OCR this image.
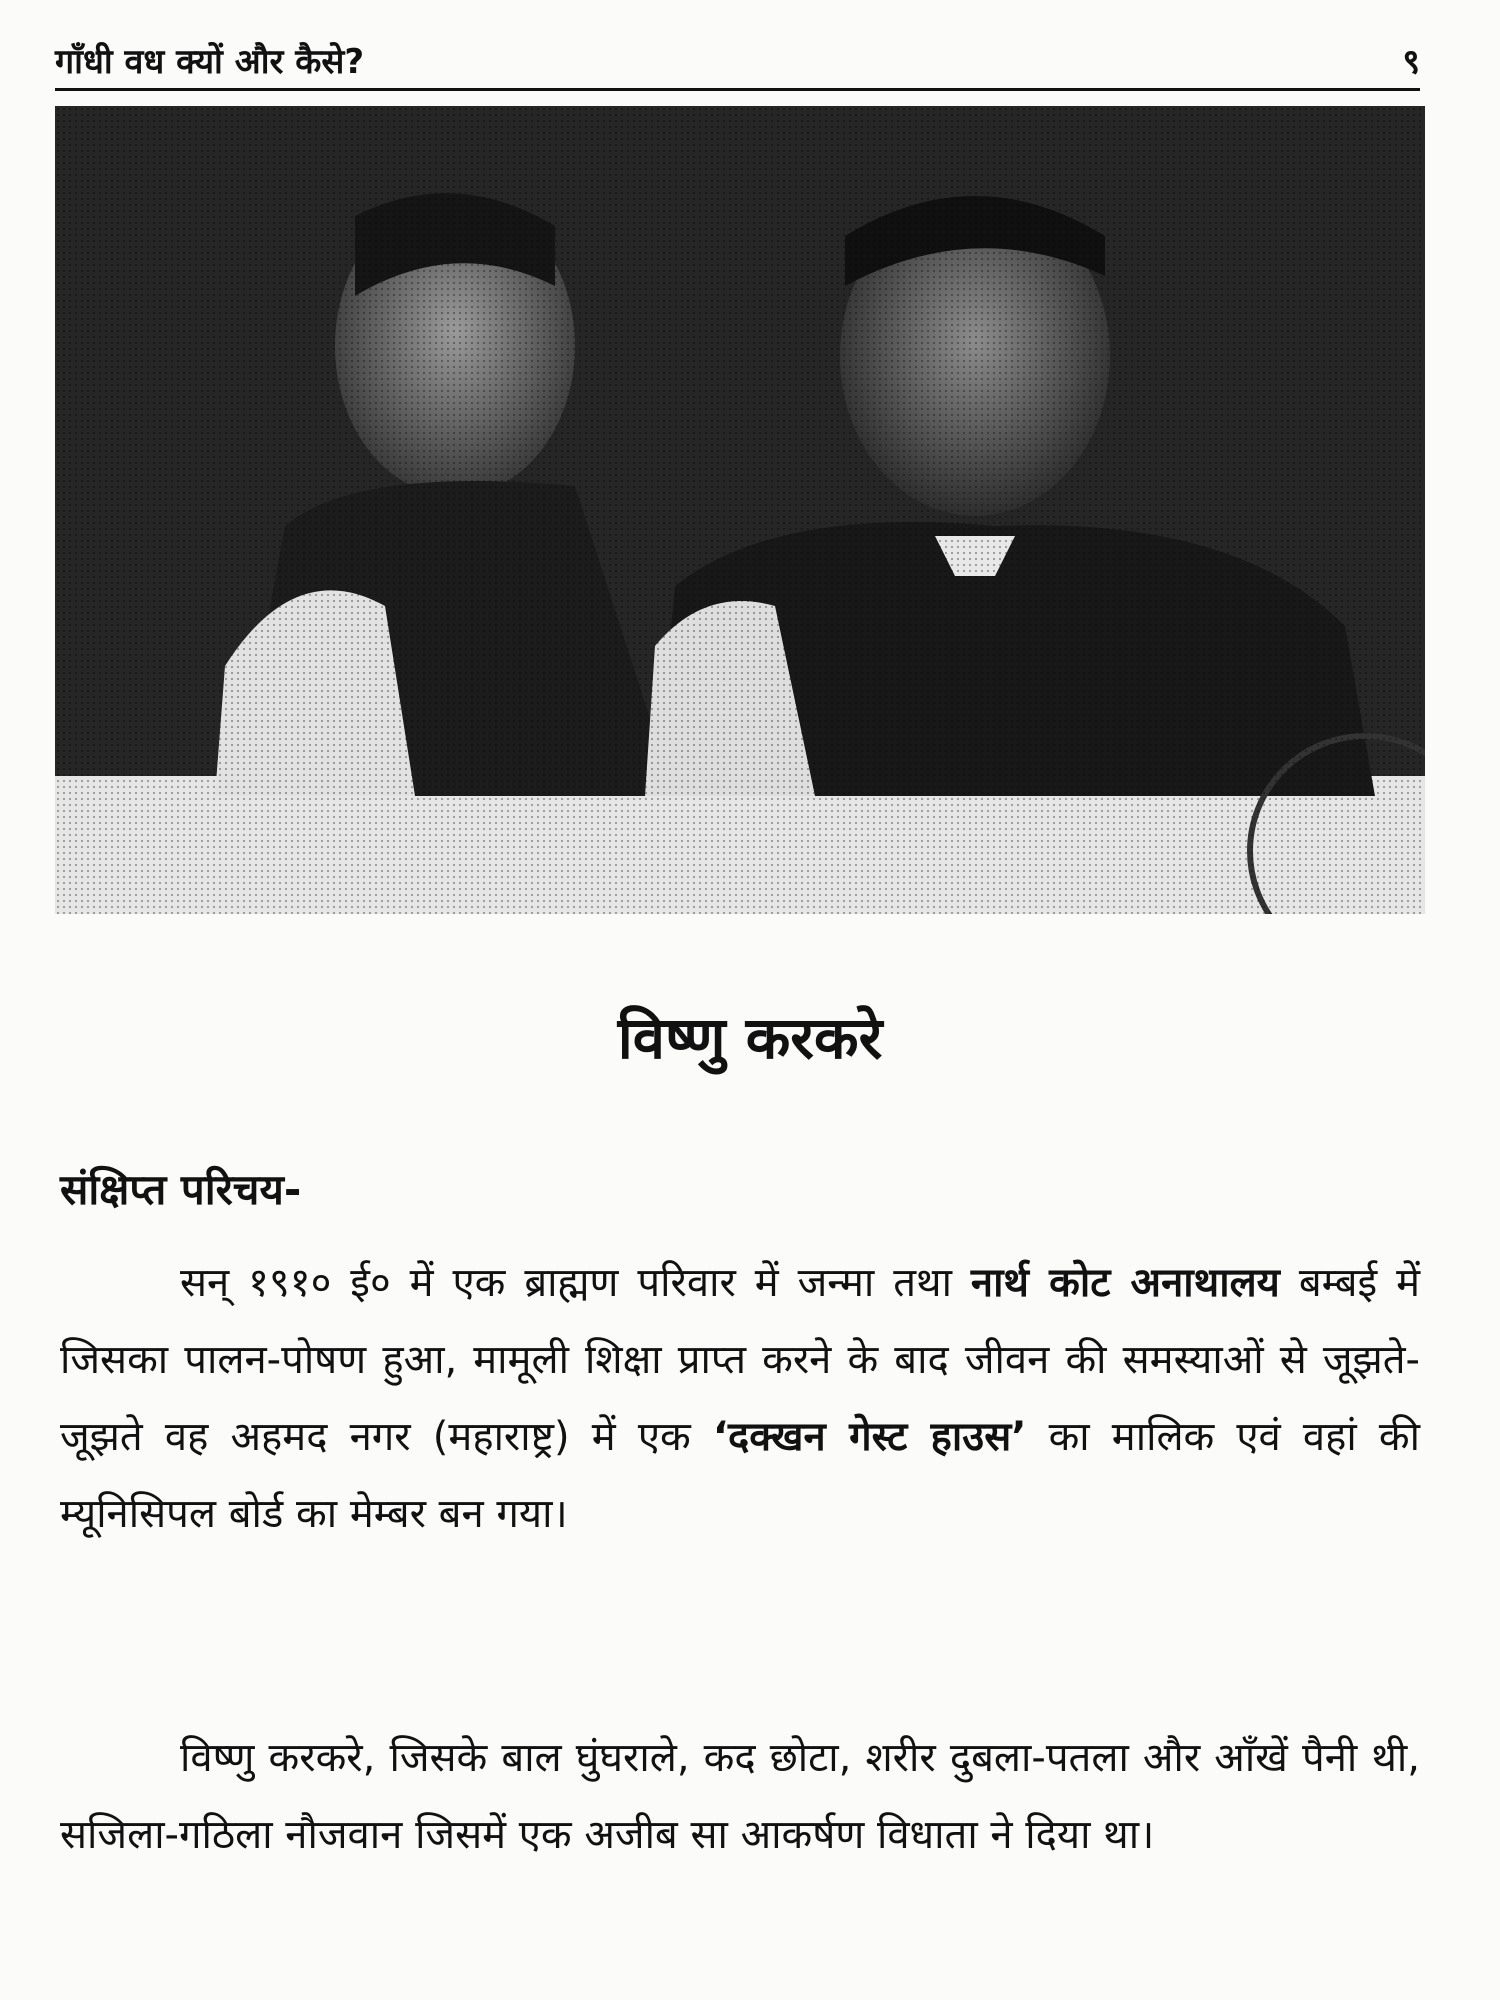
गाँधी वध क्यों और कैसे?	९
विष्णु करकरे
संक्षिप्त परिचय-

सन् १९१० ई० में एक ब्राह्मण परिवार में जन्मा तथा नार्थ कोट अनाथालय बम्बई में जिसका पालन-पोषण हुआ, मामूली शिक्षा प्राप्त करने के बाद जीवन की समस्याओं से जूझते-जूझते वह अहमद नगर (महाराष्ट्र) में एक ‘दक्खन गेस्ट हाउस’ का मालिक एवं वहां की म्यूनिसिपल बोर्ड का मेम्बर बन गया।

विष्णु करकरे, जिसके बाल घुंघराले, कद छोटा, शरीर दुबला-पतला और आँखें पैनी थी, सजिला-गठिला नौजवान जिसमें एक अजीब सा आकर्षण विधाता ने दिया था।
